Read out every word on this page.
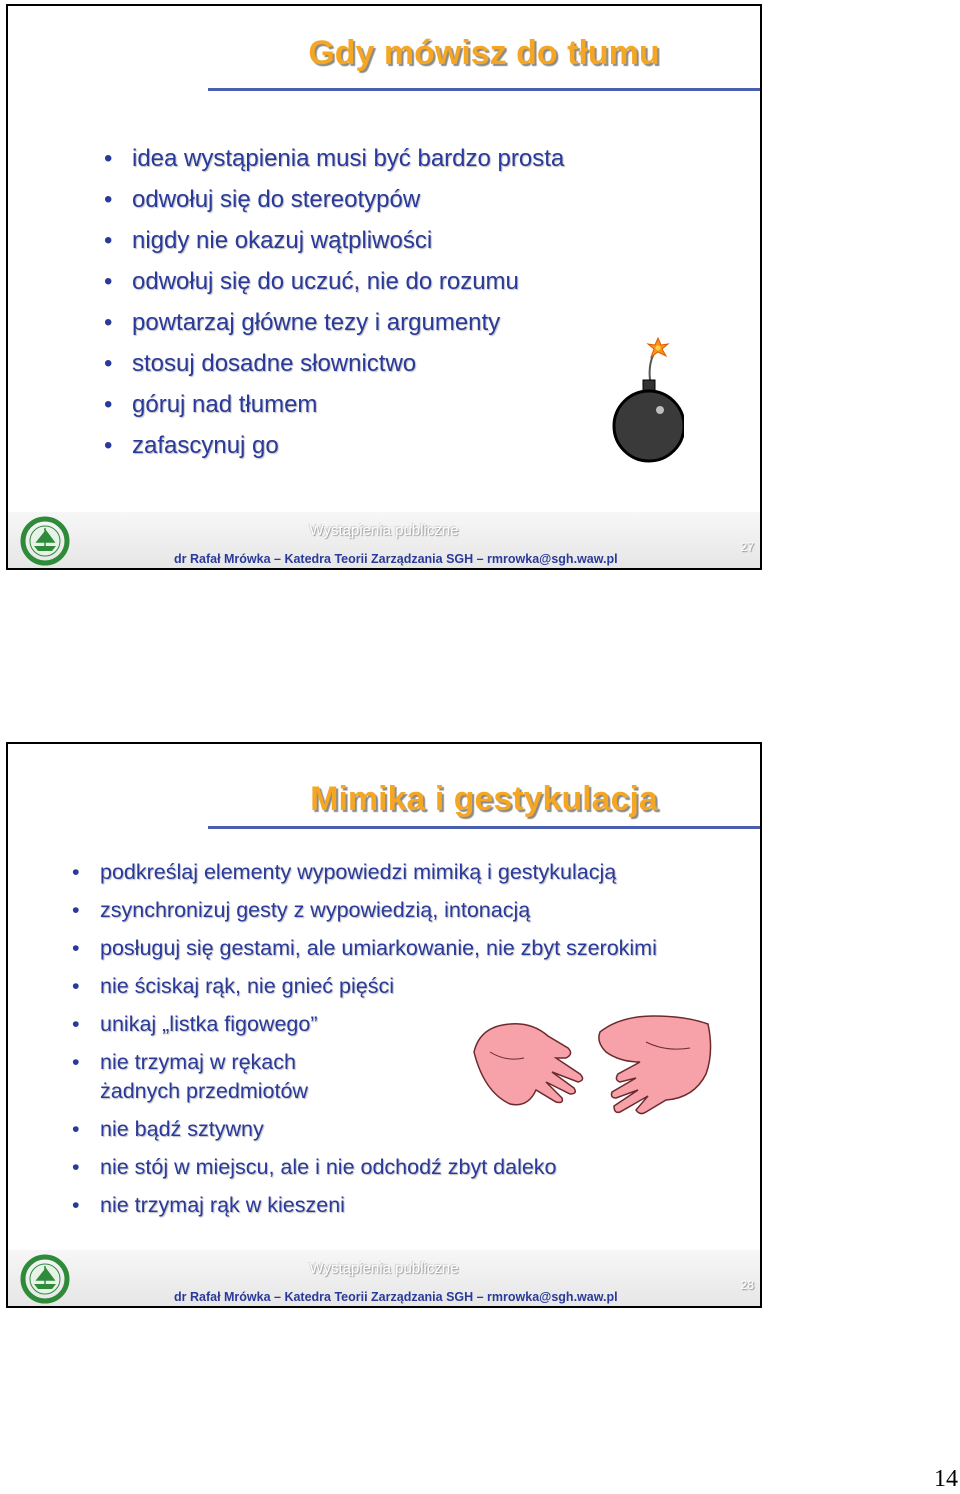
Gdy mówisz do tłumu
• idea wystąpienia musi być bardzo prosta
• odwołuj się do stereotypów
• nigdy nie okazuj wątpliwości
• odwołuj się do uczuć, nie do rozumu
• powtarzaj główne tezy i argumenty
• stosuj dosadne słownictwo
• góruj nad tłumem
• zafascynuj go
Wystąpienia publiczne
dr Rafał Mrówka – Katedra Teorii Zarządzania SGH – rmrowka@sgh.waw.pl
27
Mimika i gestykulacja
• podkreślaj elementy wypowiedzi mimiką i gestykulacją
• zsynchronizuj gesty z wypowiedzią, intonacją
• posługuj się gestami, ale umiarkowanie, nie zbyt szerokimi
• nie ściskaj rąk, nie gnieć pięści
• unikaj „listka figowego”
• nie trzymaj w rękach
żadnych przedmiotów
• nie bądź sztywny
• nie stój w miejscu, ale i nie odchodź zbyt daleko
• nie trzymaj rąk w kieszeni
Wystąpienia publiczne
dr Rafał Mrówka – Katedra Teorii Zarządzania SGH – rmrowka@sgh.waw.pl
28
14
